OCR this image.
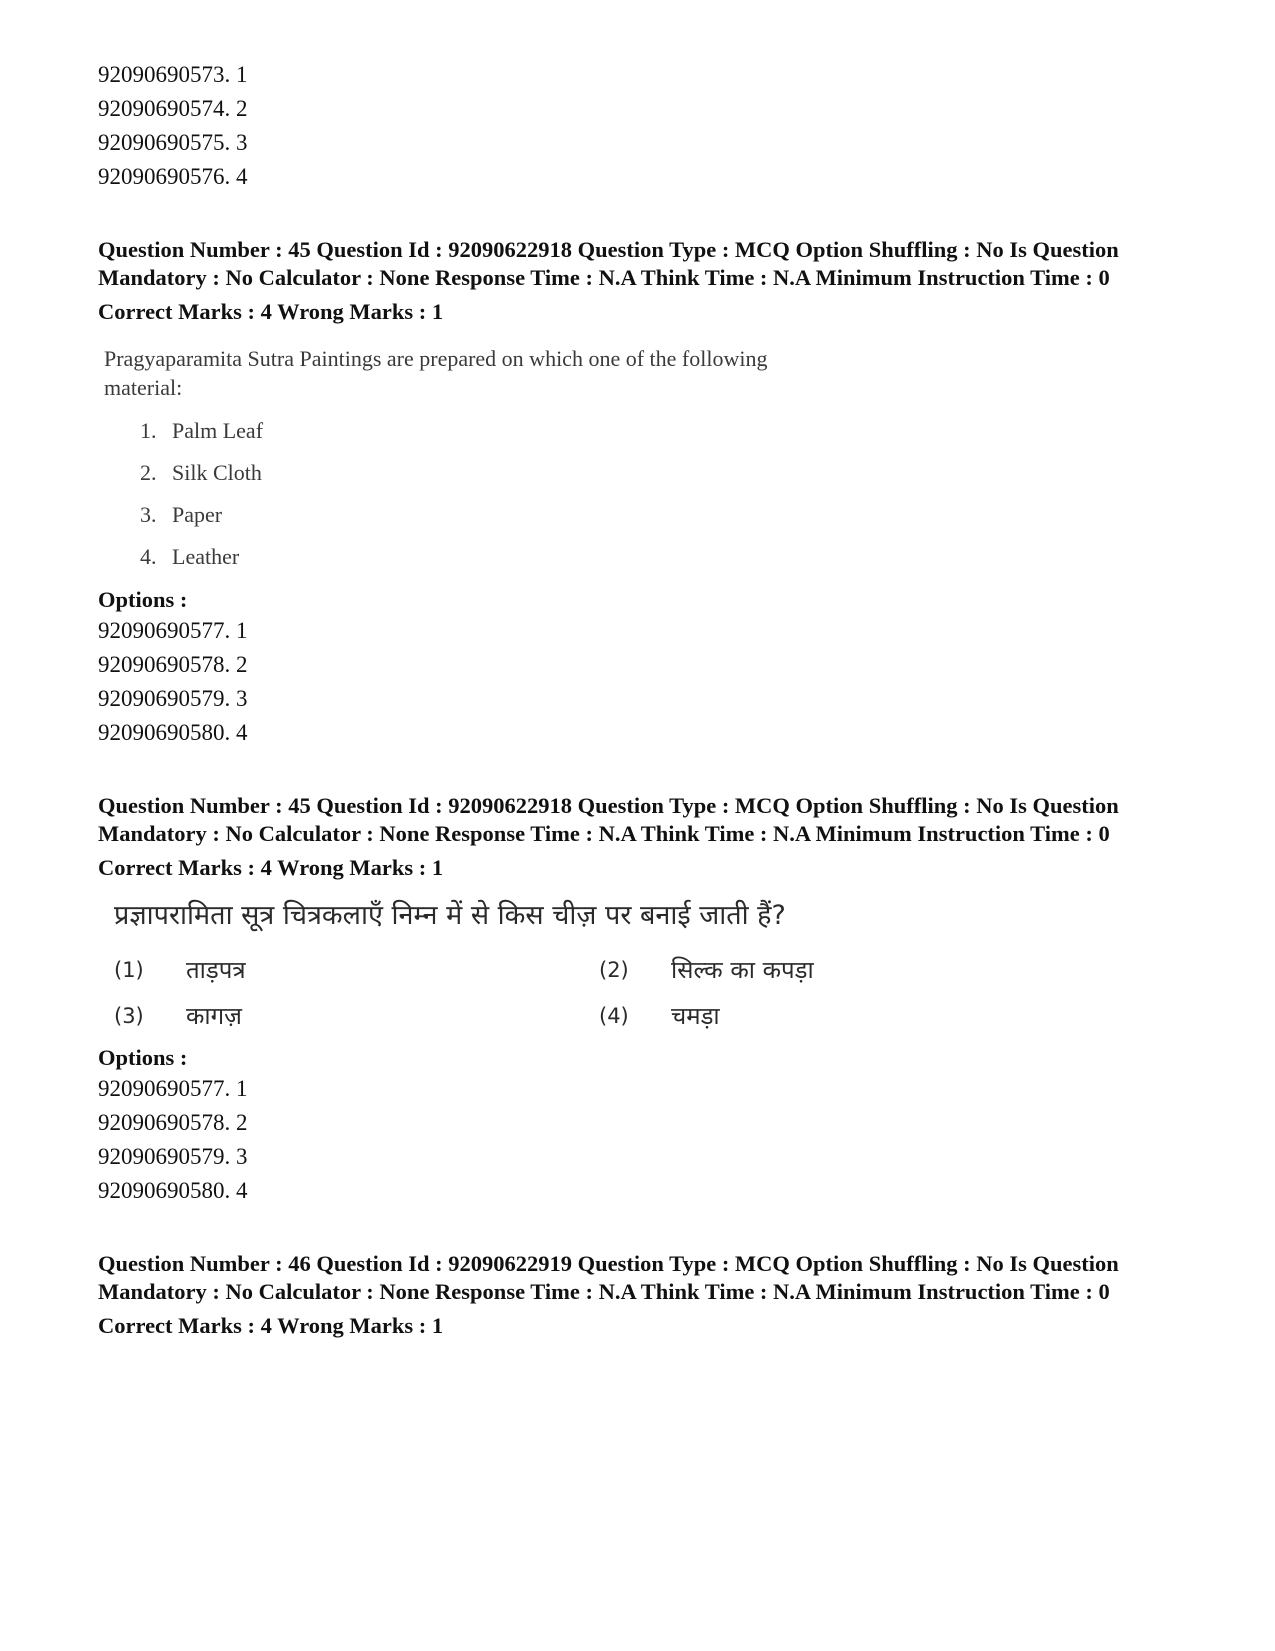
92090690573. 1
92090690574. 2
92090690575. 3
92090690576. 4
Question Number : 45 Question Id : 92090622918 Question Type : MCQ Option Shuffling : No Is Question Mandatory : No Calculator : None Response Time : N.A Think Time : N.A Minimum Instruction Time : 0
Correct Marks : 4 Wrong Marks : 1
Pragyaparamita Sutra Paintings are prepared on which one of the following material:
1. Palm Leaf
2. Silk Cloth
3. Paper
4. Leather
Options :
92090690577. 1
92090690578. 2
92090690579. 3
92090690580. 4
Question Number : 45 Question Id : 92090622918 Question Type : MCQ Option Shuffling : No Is Question Mandatory : No Calculator : None Response Time : N.A Think Time : N.A Minimum Instruction Time : 0
Correct Marks : 4 Wrong Marks : 1
प्रज्ञापरामिता सूत्र चित्रकलाएँ निम्न में से किस चीज़ पर बनाई जाती हैं?
(1)	ताड़पत्र	(2)	सिल्क का कपड़ा
(3)	कागज़	(4)	चमड़ा
Options :
92090690577. 1
92090690578. 2
92090690579. 3
92090690580. 4
Question Number : 46 Question Id : 92090622919 Question Type : MCQ Option Shuffling : No Is Question Mandatory : No Calculator : None Response Time : N.A Think Time : N.A Minimum Instruction Time : 0
Correct Marks : 4 Wrong Marks : 1
